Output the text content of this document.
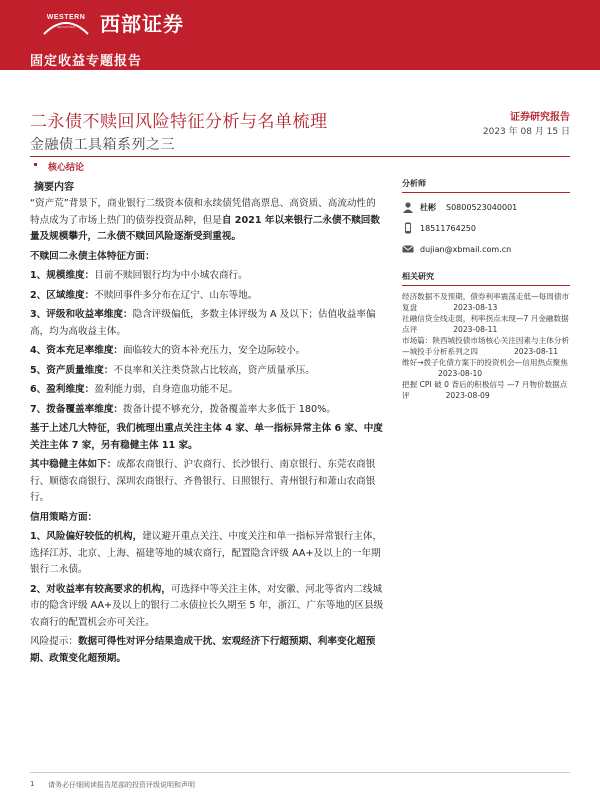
WESTERN
SECURITIES	西部证券
固定收益专题报告
二永债不赎回风险特征分析与名单梳理
金融债工具箱系列之三
证券研究报告
2023 年 08 月 15 日
核心结论
摘要内容

“资产荒”背景下，商业银行二级资本债和永续债凭借高票息、高资质、高流动性的特点成为了市场上热门的债券投资品种，但是自 2021 年以来银行二永债不赎回数量及规模攀升，二永债不赎回风险逐渐受到重视。

不赎回二永债主体特征方面：

1、规模维度：目前不赎回银行均为中小城农商行。

2、区域维度：不赎回事件多分布在辽宁、山东等地。

3、评级和收益率维度：隐含评级偏低，多数主体评级为 A 及以下；估值收益率偏高，均为高收益主体。

4、资本充足率维度：面临较大的资本补充压力，安全边际较小。

5、资产质量维度：不良率和关注类贷款占比较高，资产质量承压。

6、盈利维度：盈利能力弱，自身造血功能不足。

7、拨备覆盖率维度：拨备计提不够充分，拨备覆盖率大多低于 180%。

基于上述几大特征，我们梳理出重点关注主体 4 家、单一指标异常主体 6 家、中度关注主体 7 家，另有稳健主体 11 家。

其中稳健主体如下：成都农商银行、沪农商行、长沙银行、南京银行、东莞农商银行、顺德农商银行、深圳农商银行、齐鲁银行、日照银行、青州银行和萧山农商银行。

信用策略方面：

1、风险偏好较低的机构，建议避开重点关注、中度关注和单一指标异常银行主体，选择江苏、北京、上海、福建等地的城农商行，配置隐含评级 AA+及以上的一年期银行二永债。

2、对收益率有较高要求的机构，可选择中等关注主体，对安徽、河北等省内二线城市的隐含评级 AA+及以上的银行二永债拉长久期至 5 年，浙江、广东等地的区县级农商行的配置机会亦可关注。

风险提示：数据可得性对评分结果造成干扰、宏观经济下行超预期、利率变化超预期、政策变化超预期。

分析师
杜彬 S0800523040001
18511764250
dujian@xbmail.com.cn
相关研究
经济数据不及预期，债券利率震荡走低—每周债市复盘	2023-08-13
社融信贷全线走弱，利率拐点未现—7 月金融数据点评	2023-08-11
市场篇：陕西城投债市场核心关注因素与主体分析—城投手分析系列之四	2023-08-11
维好→拨子化债方案下的投资机会—信用热点聚焦2023-08-10
把握 CPI 破 0 背后的积极信号 —7 月物价数据点评	2023-08-09
1 请务必仔细阅读报告尾部的投资评级说明和声明
